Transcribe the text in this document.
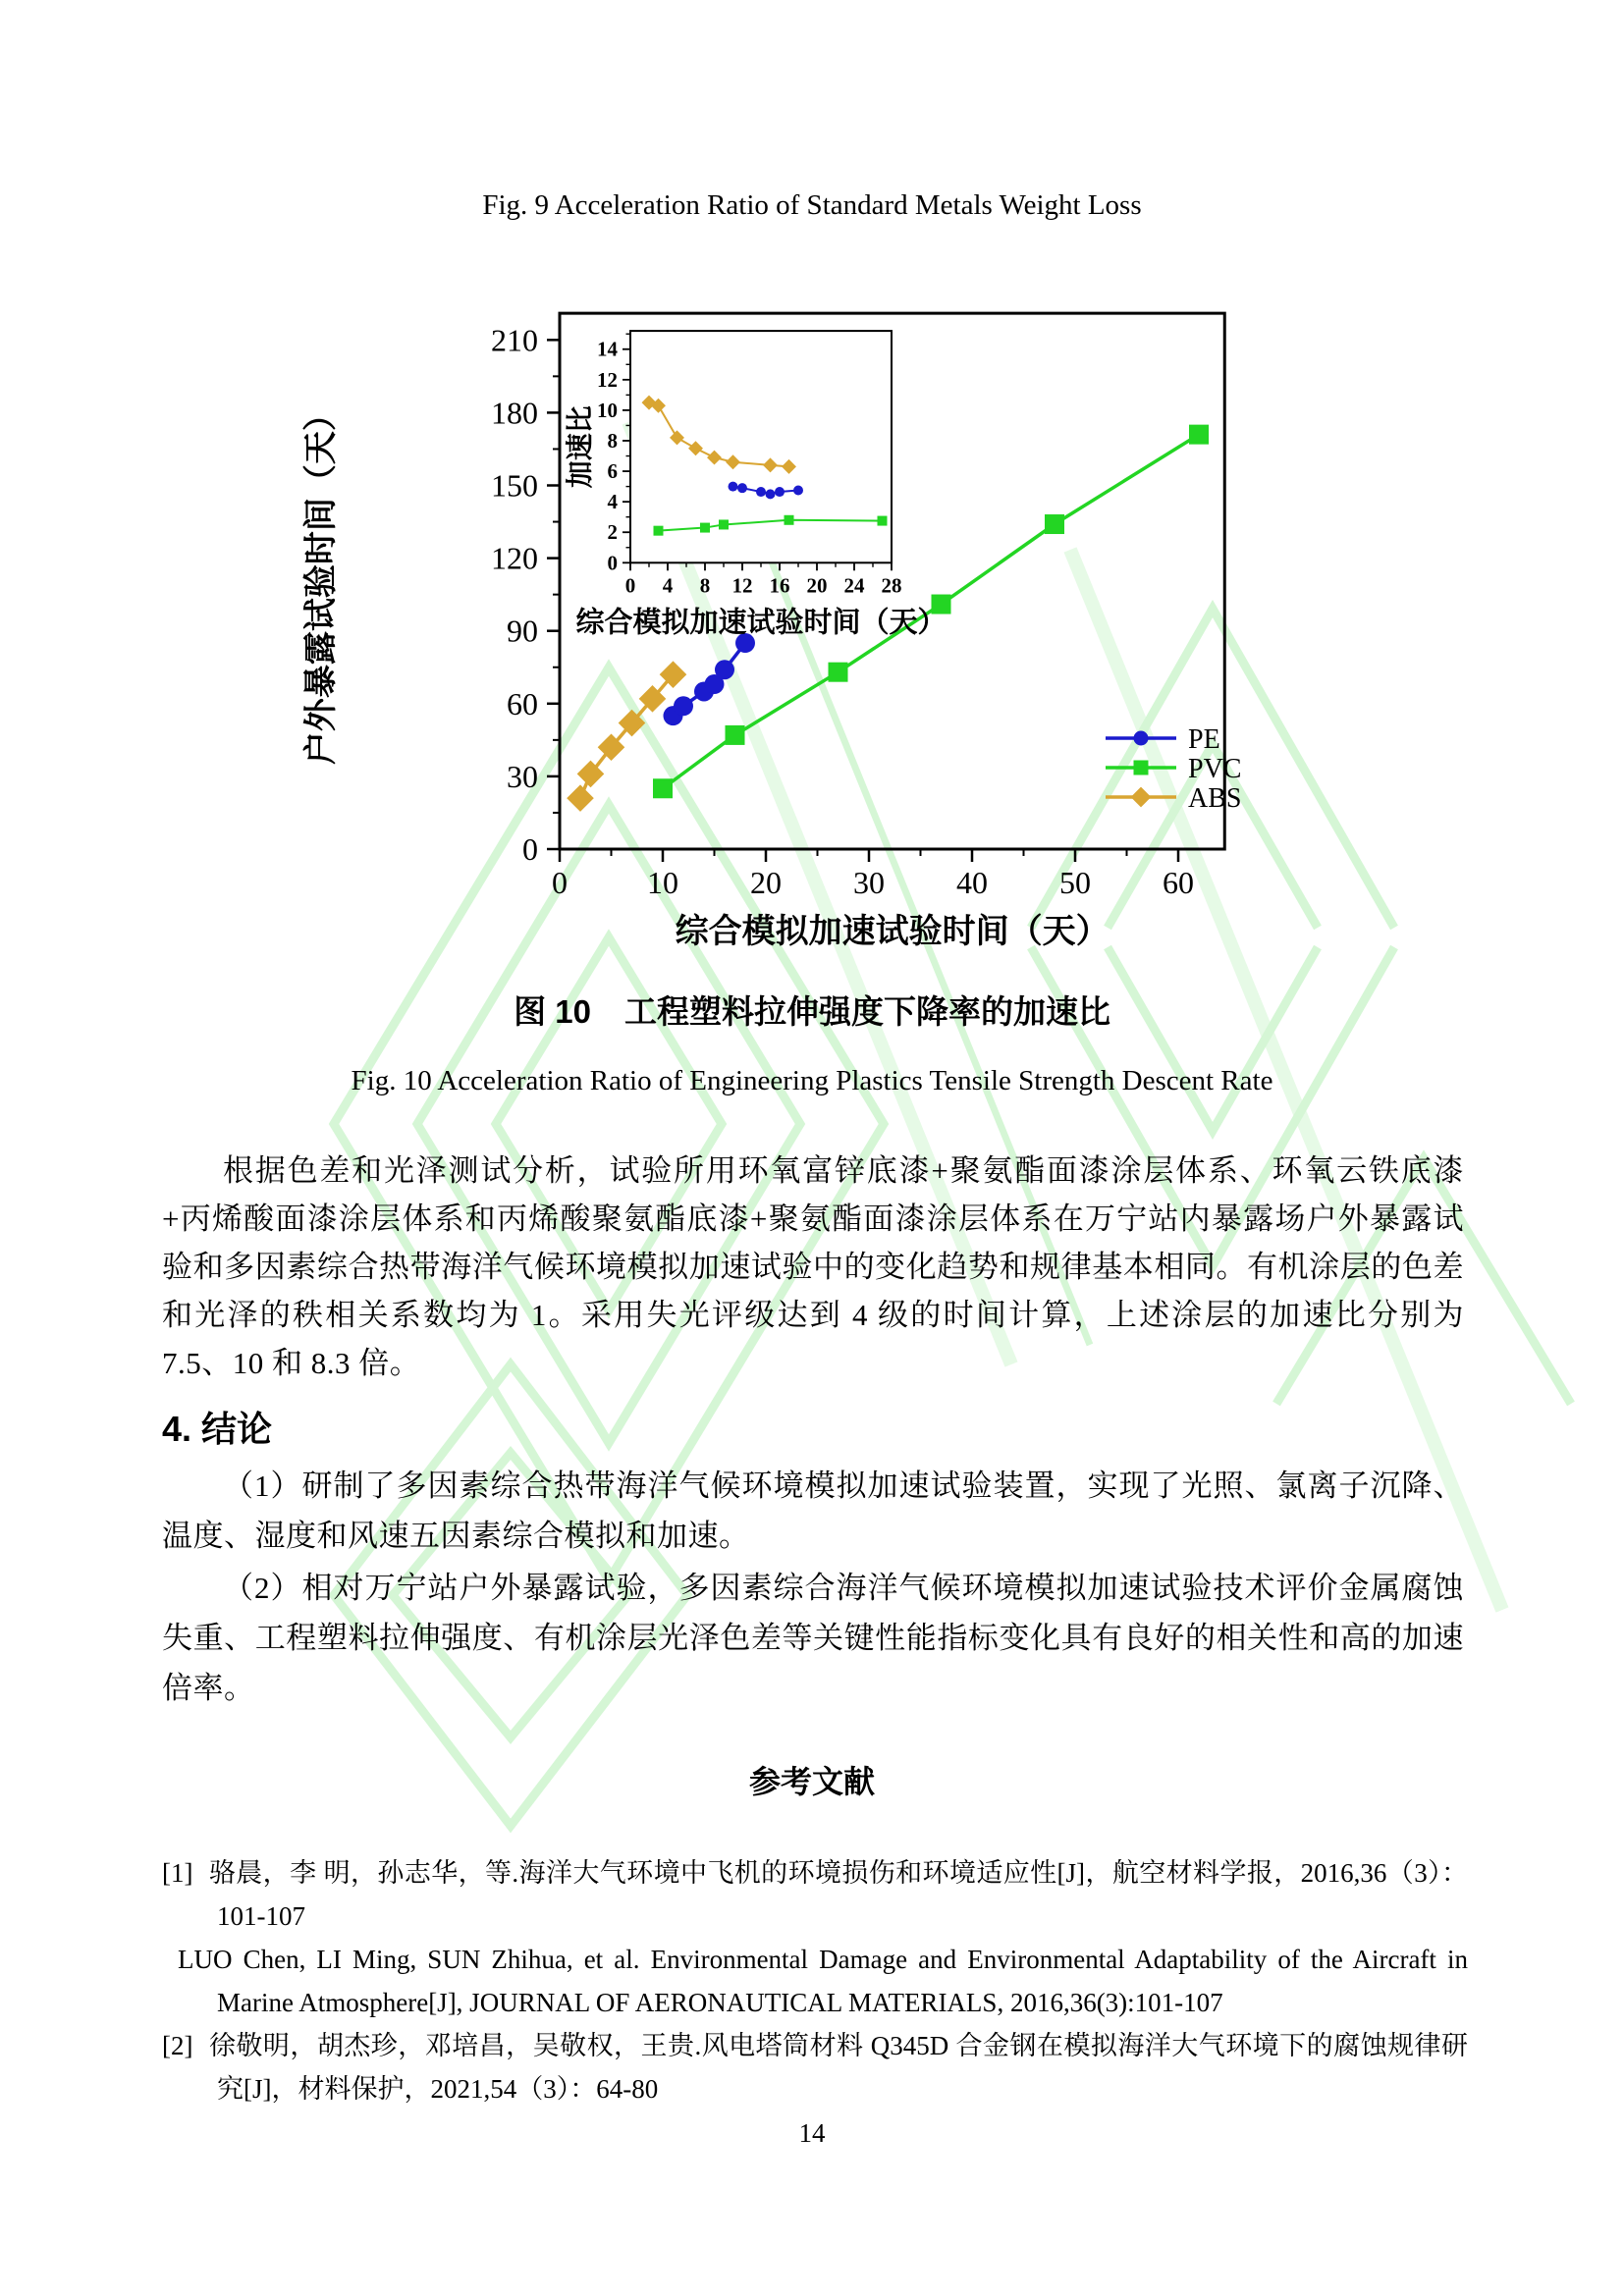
Fig. 9 Acceleration Ratio of Standard Metals Weight Loss
0	10 20 30 40 50 60
0
30
60
90
120
150
180
210
综合模拟加速试验时间（天）
户外暴露试验时间（天）	PE
PVC
ABS
0 4 8 12 16 20 24 28
0
2
4
6
8
10
12
14
综合模拟加速试验时间（天）
加速比
图 10 工程塑料拉伸强度下降率的加速比
Fig. 10 Acceleration Ratio of Engineering Plastics Tensile Strength Descent Rate
根据色差和光泽测试分析，试验所用环氧富锌底漆+聚氨酯面漆涂层体系、环氧云铁底漆+丙烯酸面漆涂层体系和丙烯酸聚氨酯底漆+聚氨酯面漆涂层体系在万宁站内暴露场户外暴露试验和多因素综合热带海洋气候环境模拟加速试验中的变化趋势和规律基本相同。有机涂层的色差和光泽的秩相关系数均为 1。采用失光评级达到 4 级的时间计算，上述涂层的加速比分别为 7.5、10 和 8.3 倍。
4. 结论
（1）研制了多因素综合热带海洋气候环境模拟加速试验装置，实现了光照、氯离子沉降、温度、湿度和风速五因素综合模拟和加速。
（2）相对万宁站户外暴露试验，多因素综合海洋气候环境模拟加速试验技术评价金属腐蚀失重、工程塑料拉伸强度、有机涂层光泽色差等关键性能指标变化具有良好的相关性和高的加速倍率。
参考文献
[1] 骆晨，李 明，孙志华，等.海洋大气环境中飞机的环境损伤和环境适应性[J]，航空材料学报，2016,36（3）：101-107
LUO Chen, LI Ming, SUN Zhihua, et al. Environmental Damage and Environmental Adaptability of the Aircraft in Marine Atmosphere[J], JOURNAL OF AERONAUTICAL MATERIALS, 2016,36(3):101-107
[2] 徐敬明，胡杰珍，邓培昌，吴敬权，王贵.风电塔筒材料 Q345D 合金钢在模拟海洋大气环境下的腐蚀规律研究[J]，材料保护，2021,54（3）：64-80
14
